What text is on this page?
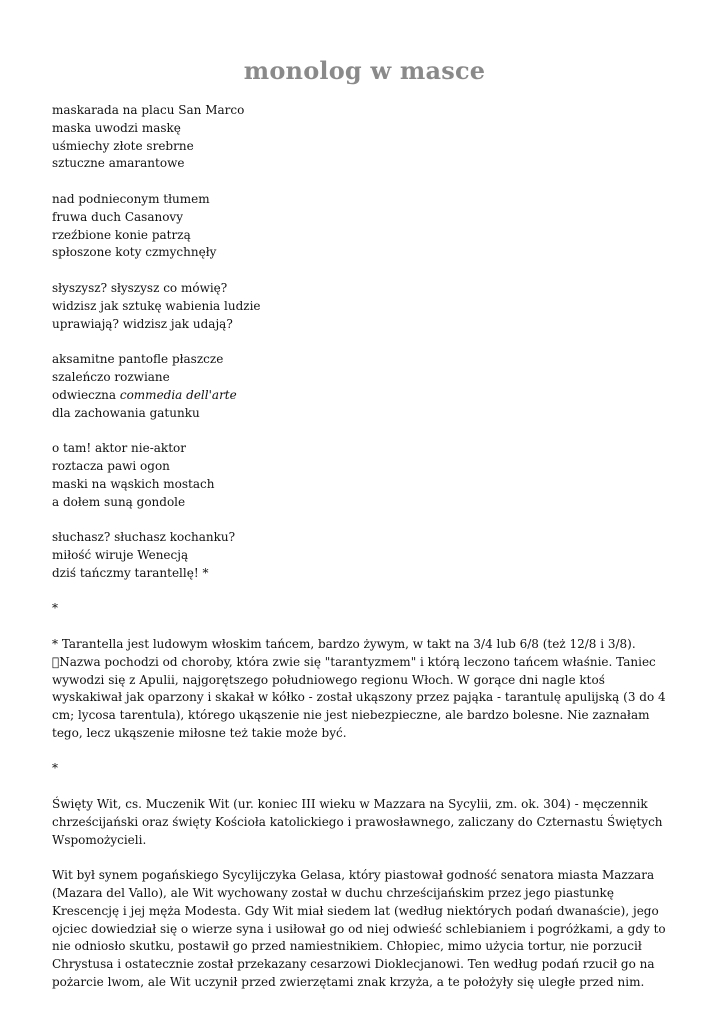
monolog w masce
maskarada na placu San Marco
maska uwodzi maskę
uśmiechy złote srebrne
sztuczne amarantowe
nad podnieconym tłumem
fruwa duch Casanovy
rzeźbione konie patrzą
spłoszone koty czmychnęły
słyszysz? słyszysz co mówię?
widzisz jak sztukę wabienia ludzie
uprawiają? widzisz jak udają?
aksamitne pantofle płaszcze
szaleńczo rozwiane
odwieczna commedia dell'arte
dla zachowania gatunku
o tam! aktor nie-aktor
roztacza pawi ogon
maski na wąskich mostach
a dołem suną gondole
słuchasz? słuchasz kochanku?
miłość wiruje Wenecją
dziś tańczmy tarantellę! *
*
* Tarantella jest ludowym włoskim tańcem, bardzo żywym, w takt na 3/4 lub 6/8 (też 12/8 i 3/8). Nazwa pochodzi od choroby, która zwie się "tarantyzmem" i którą leczono tańcem właśnie. Taniec wywodzi się z Apulii, najgorętszego południowego regionu Włoch. W gorące dni nagle ktoś wyskakiwał jak oparzony i skakał w kółko - został ukąszony przez pająka - tarantulę apulijską (3 do 4 cm; lycosa tarentula), którego ukąszenie nie jest niebezpieczne, ale bardzo bolesne. Nie zaznałam tego, lecz ukąszenie miłosne też takie może być.
*
Święty Wit, cs. Muczenik Wit (ur. koniec III wieku w Mazzara na Sycylii, zm. ok. 304) - męczennik chrześcijański oraz święty Kościoła katolickiego i prawosławnego, zaliczany do Czternastu Świętych Wspomożycieli.
Wit był synem pogańskiego Sycylijczyka Gelasa, który piastował godność senatora miasta Mazzara (Mazara del Vallo), ale Wit wychowany został w duchu chrześcijańskim przez jego piastunkę Krescencję i jej męża Modesta. Gdy Wit miał siedem lat (według niektórych podań dwanaście), jego ojciec dowiedział się o wierze syna i usiłował go od niej odwieść schlebianiem i pogróżkami, a gdy to nie odniosło skutku, postawił go przed namiestnikiem. Chłopiec, mimo użycia tortur, nie porzucił Chrystusa i ostatecznie został przekazany cesarzowi Dioklecjanowi. Ten według podań rzucił go na pożarcie lwom, ale Wit uczynił przed zwierzętami znak krzyża, a te położyły się uległe przed nim.
